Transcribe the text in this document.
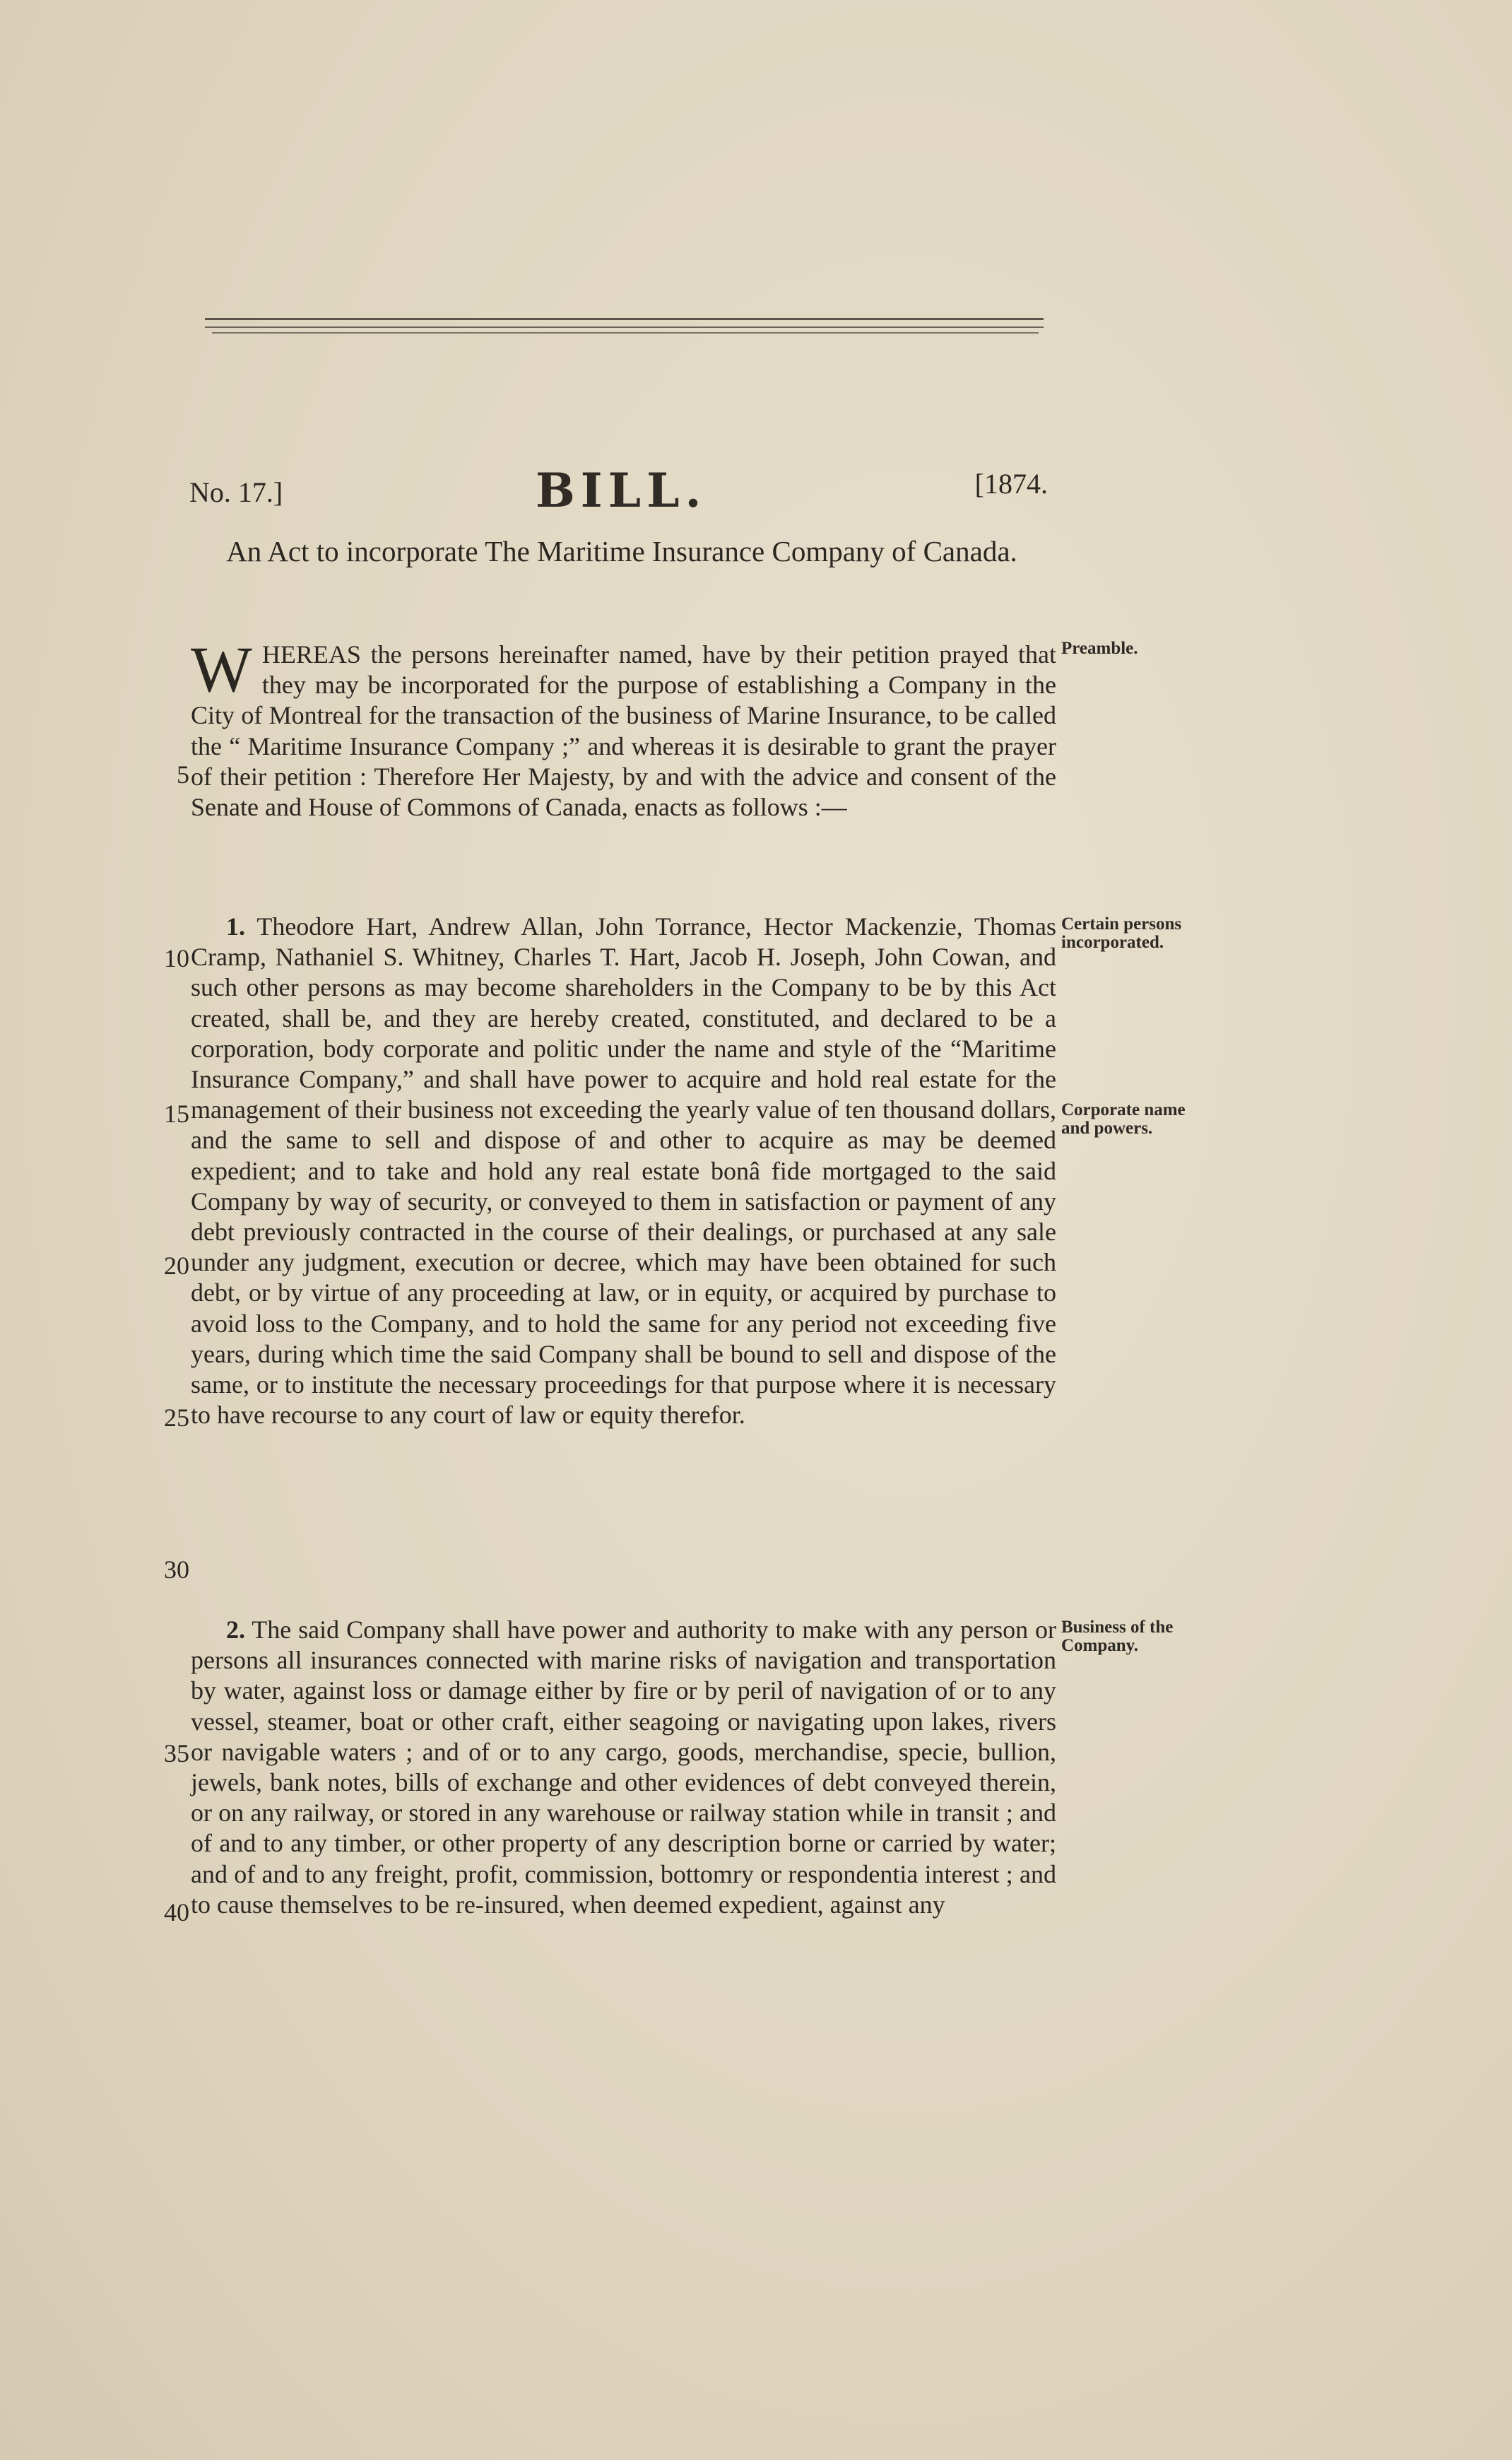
No. 17.]	BILL.	[1874.
An Act to incorporate The Maritime Insurance Company of Canada.
WHEREAS the persons hereinafter named, have by their petition prayed that they may be incorporated for the purpose of establishing a Company in the City of Montreal for the transaction of the business of Marine Insurance, to be called the “ Maritime Insurance Company ;” and whereas it is desirable to grant the prayer of their petition : Therefore Her Majesty, by and with the advice and consent of the Senate and House of Commons of Canada, enacts as follows :—
Preamble.
1. Theodore Hart, Andrew Allan, John Torrance, Hector Mackenzie, Thomas Cramp, Nathaniel S. Whitney, Charles T. Hart, Jacob H. Joseph, John Cowan, and such other persons as may become shareholders in the Company to be by this Act created, shall be, and they are hereby created, constituted, and declared to be a corporation, body corporate and politic under the name and style of the “Maritime Insurance Company,” and shall have power to acquire and hold real estate for the management of their business not exceeding the yearly value of ten thousand dollars, and the same to sell and dispose of and other to acquire as may be deemed expedient; and to take and hold any real estate bonâ fide mortgaged to the said Company by way of security, or conveyed to them in satisfaction or payment of any debt previously contracted in the course of their dealings, or purchased at any sale under any judgment, execution or decree, which may have been obtained for such debt, or by virtue of any proceeding at law, or in equity, or acquired by purchase to avoid loss to the Company, and to hold the same for any period not exceeding five years, during which time the said Company shall be bound to sell and dispose of the same, or to institute the necessary proceedings for that purpose where it is necessary to have recourse to any court of law or equity therefor.
Certain persons incorporated.
Corporate name and powers.
2. The said Company shall have power and authority to make with any person or persons all insurances connected with marine risks of navigation and transportation by water, against loss or damage either by fire or by peril of navigation of or to any vessel, steamer, boat or other craft, either seagoing or navigating upon lakes, rivers or navigable waters ; and of or to any cargo, goods, merchandise, specie, bullion, jewels, bank notes, bills of exchange and other evidences of debt conveyed therein, or on any railway, or stored in any warehouse or railway station while in transit ; and of and to any timber, or other property of any description borne or carried by water; and of and to any freight, profit, commission, bottomry or respondentia interest ; and to cause themselves to be re-insured, when deemed expedient, against any
Business of the Company.
5
10
15
20
25
30
35
40
